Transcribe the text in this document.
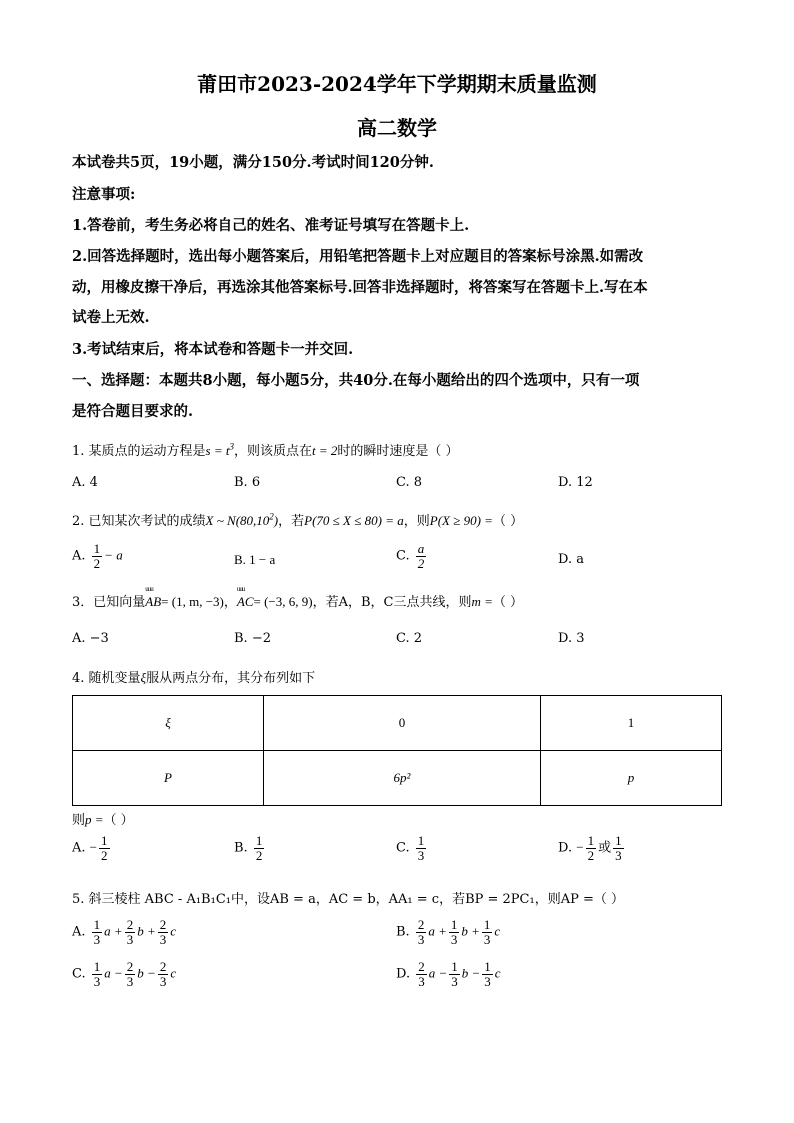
莆田市2023-2024学年下学期期末质量监测
高二数学
本试卷共5页，19小题，满分150分.考试时间120分钟.
注意事项:
1.答卷前，考生务必将自己的姓名、准考证号填写在答题卡上.
2.回答选择题时，选出每小题答案后，用铅笔把答题卡上对应题目的答案标号涂黑.如需改
动，用橡皮擦干净后，再选涂其他答案标号.回答非选择题时，将答案写在答题卡上.写在本
试卷上无效.
3.考试结束后，将本试卷和答题卡一并交回.
一、选择题：本题共8小题，每小题5分，共40分.在每小题给出的四个选项中，只有一项
是符合题目要求的.
1. 某质点的运动方程是$s = t^3$，则该质点在t = 2时的瞬时速度是（ ）
A. 4	B. 6	C. 8	D. 12
2. 已知某次考试的成绩X ~ N(80,10$^2$)，若P(70 ≤ X ≤ 80) = a，则P(X ≥ 90) =（ ）
A. $\frac{1}{2} - a$	B. 1 − a	C. $\frac{a}{2}$	D. a
3．已知向量uuu AB= (1, m, −3)，uuu AC= (−3, 6, 9)，若A，B，C三点共线，则m =（ ）
A. −3	B. −2	C. 2	D. 3
4. 随机变量ξ服从两点分布，其分布列如下
ξ	0	1
P	6p²	p
则p =（ ）
A. − $\frac{1}{2}$	B. $\frac{1}{2}$	C. $\frac{1}{3}$	D. − $\frac{1}{2}$ 或 $\frac{1}{3}$
5. 斜三棱柱 ABC - A₁B₁C₁中，设AB = a，AC = b，AA₁ = c，若BP = 2PC₁，则AP =（ ）
A. $\frac{1}{3}$ $a + \frac{2}{3}$ $b + \frac{2}{3}$ c	B. $\frac{2}{3}$ $a + \frac{1}{3}$ $b + \frac{1}{3}$ c
C. $\frac{1}{3}$ $a - \frac{2}{3}$ $b - \frac{2}{3}$ c	D. $\frac{2}{3}$ $a - \frac{1}{3}$ $b - \frac{1}{3}$ c
